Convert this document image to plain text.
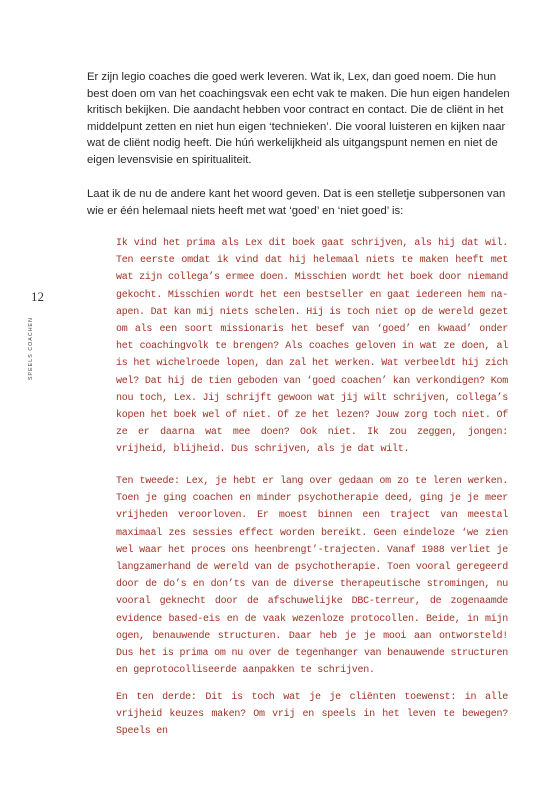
12
SPEELS COACHEN

Er zijn legio coaches die goed werk leveren. Wat ik, Lex, dan goed noem. Die hun best doen om van het coachingsvak een echt vak te maken. Die hun eigen handelen kritisch bekijken. Die aandacht hebben voor contract en contact. Die de cliënt in het middelpunt zetten en niet hun eigen ‘technieken’. Die vooral luisteren en kijken naar wat de cliënt nodig heeft. Die húń werkelijkheid als uitgangspunt nemen en niet de eigen levensvisie en spiritualiteit.

Laat ik de nu de andere kant het woord geven. Dat is een stelletje subpersonen van wie er één helemaal niets heeft met wat ‘goed’ en ‘niet goed’ is:

Ik vind het prima als Lex dit boek gaat schrijven, als hij dat wil. Ten eerste omdat ik vind dat hij helemaal niets te maken heeft met wat zijn collega’s ermee doen. Misschien wordt het boek door niemand gekocht. Misschien wordt het een bestseller en gaat iedereen hem na-apen. Dat kan mij niets schelen. Hij is toch niet op de wereld gezet om als een soort missionaris het besef van ‘goed’ en kwaad’ onder het coachingvolk te brengen? Als coaches geloven in wat ze doen, al is het wichelroede lopen, dan zal het werken. Wat verbeeldt hij zich wel? Dat hij de tien geboden van ‘goed coachen’ kan verkondigen? Kom nou toch, Lex. Jij schrijft gewoon wat jij wilt schrijven, collega’s kopen het boek wel of niet. Of ze het lezen? Jouw zorg toch niet. Of ze er daarna wat mee doen? Ook niet. Ik zou zeggen, jongen: vrijheid, blijheid. Dus schrijven, als je dat wilt.

Ten tweede: Lex, je hebt er lang over gedaan om zo te leren werken. Toen je ging coachen en minder psychotherapie deed, ging je je meer vrijheden veroorloven. Er moest binnen een traject van meestal maximaal zes sessies effect worden bereikt. Geen eindeloze ‘we zien wel waar het proces ons heenbrengt’-trajecten. Vanaf 1988 verliet je langzamerhand de wereld van de psychotherapie. Toen vooral geregeerd door de do’s en don’ts van de diverse therapeutische stromingen, nu vooral geknecht door de afschuwelijke DBC-terreur, de zogenaamde evidence based-eis en de vaak wezenloze protocollen. Beide, in mijn ogen, benauwende structuren. Daar heb je je mooi aan ontworsteld! Dus het is prima om nu over de tegenhanger van benauwende structuren en geprotocolliseerde aanpakken te schrijven.

En ten derde: Dit is toch wat je je cliënten toewenst: in alle vrijheid keuzes maken? Om vrij en speels in het leven te bewegen? Speels en
